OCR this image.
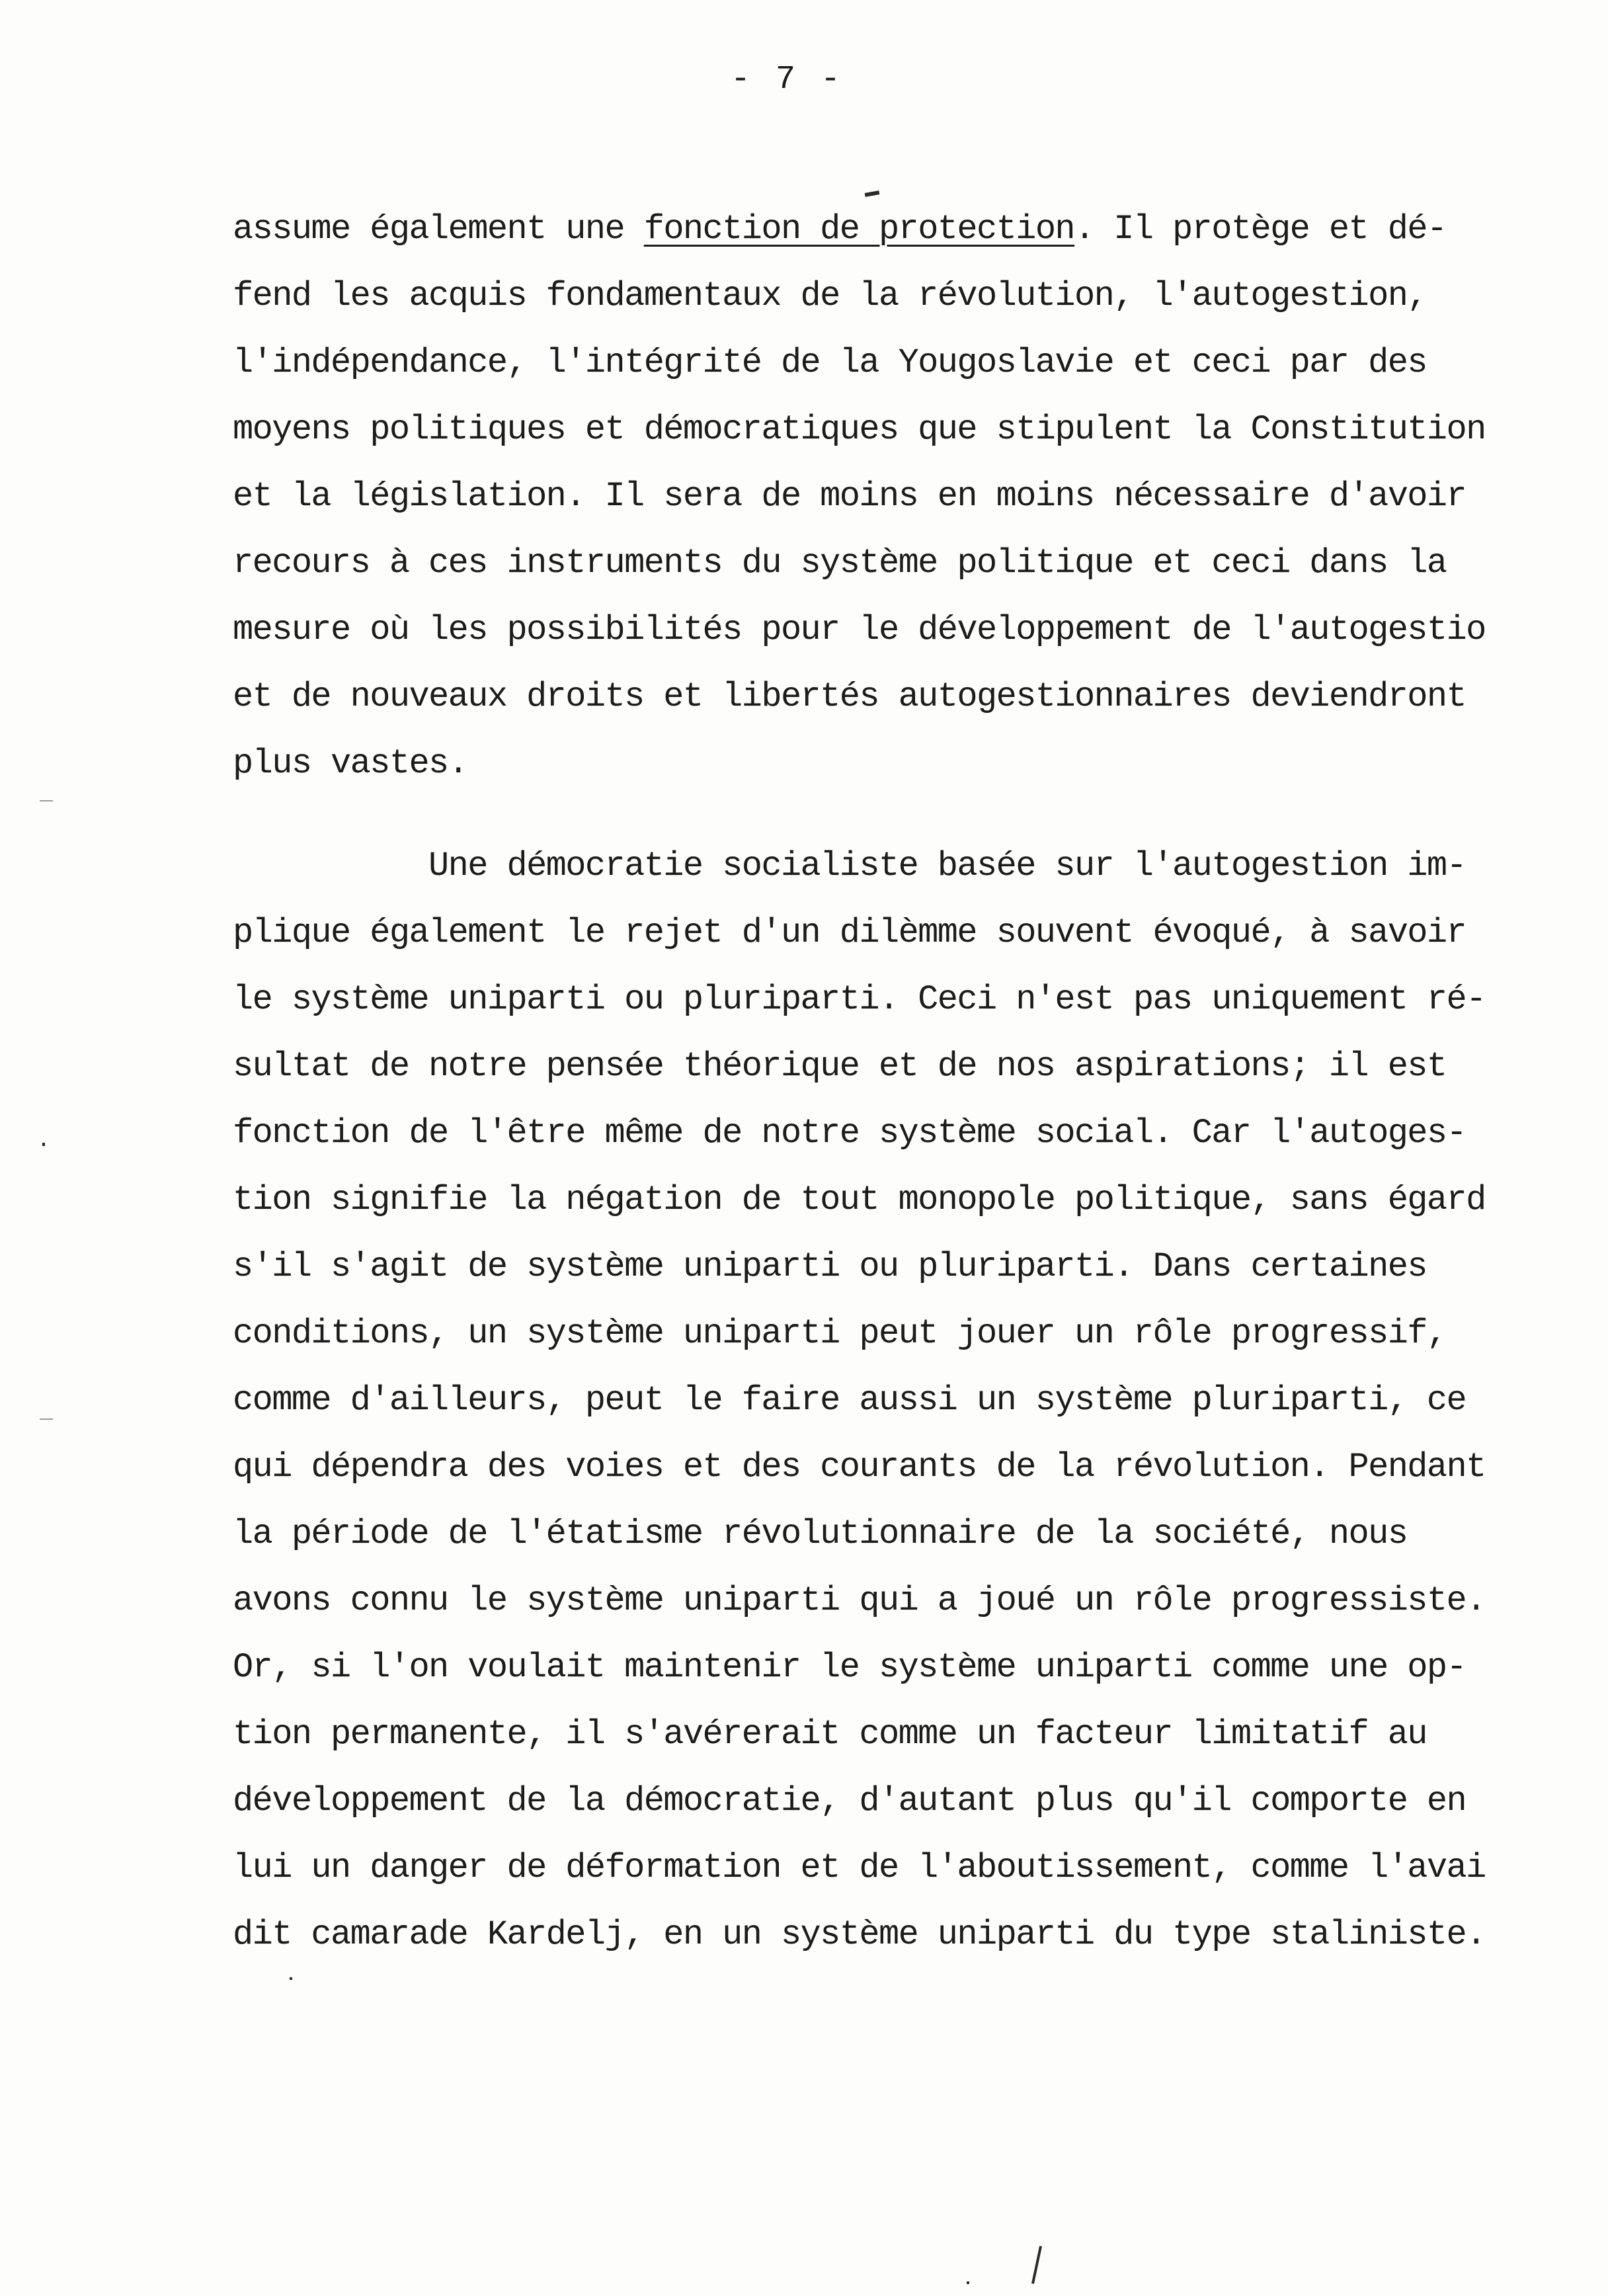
- 7 -
assume également une fonction de protection. Il protège et dé-
fend les acquis fondamentaux de la révolution, l'autogestion,
l'indépendance, l'intégrité de la Yougoslavie et ceci par des
moyens politiques et démocratiques que stipulent la Constitution
et la législation. Il sera de moins en moins nécessaire d'avoir
recours à ces instruments du système politique et ceci dans la
mesure où les possibilités pour le développement de l'autogestio
et de nouveaux droits et libertés autogestionnaires deviendront
plus vastes.
Une démocratie socialiste basée sur l'autogestion im-
plique également le rejet d'un dilèmme souvent évoqué, à savoir
le système uniparti ou pluriparti. Ceci n'est pas uniquement ré-
sultat de notre pensée théorique et de nos aspirations; il est
fonction de l'être même de notre système social. Car l'autoges-
tion signifie la négation de tout monopole politique, sans égard
s'il s'agit de système uniparti ou pluriparti. Dans certaines
conditions, un système uniparti peut jouer un rôle progressif,
comme d'ailleurs, peut le faire aussi un système pluriparti, ce
qui dépendra des voies et des courants de la révolution. Pendant
la période de l'étatisme révolutionnaire de la société, nous
avons connu le système uniparti qui a joué un rôle progressiste.
Or, si l'on voulait maintenir le système uniparti comme une op-
tion permanente, il s'avérerait comme un facteur limitatif au
développement de la démocratie, d'autant plus qu'il comporte en
lui un danger de déformation et de l'aboutissement, comme l'avai
dit camarade Kardelj, en un système uniparti du type staliniste.
